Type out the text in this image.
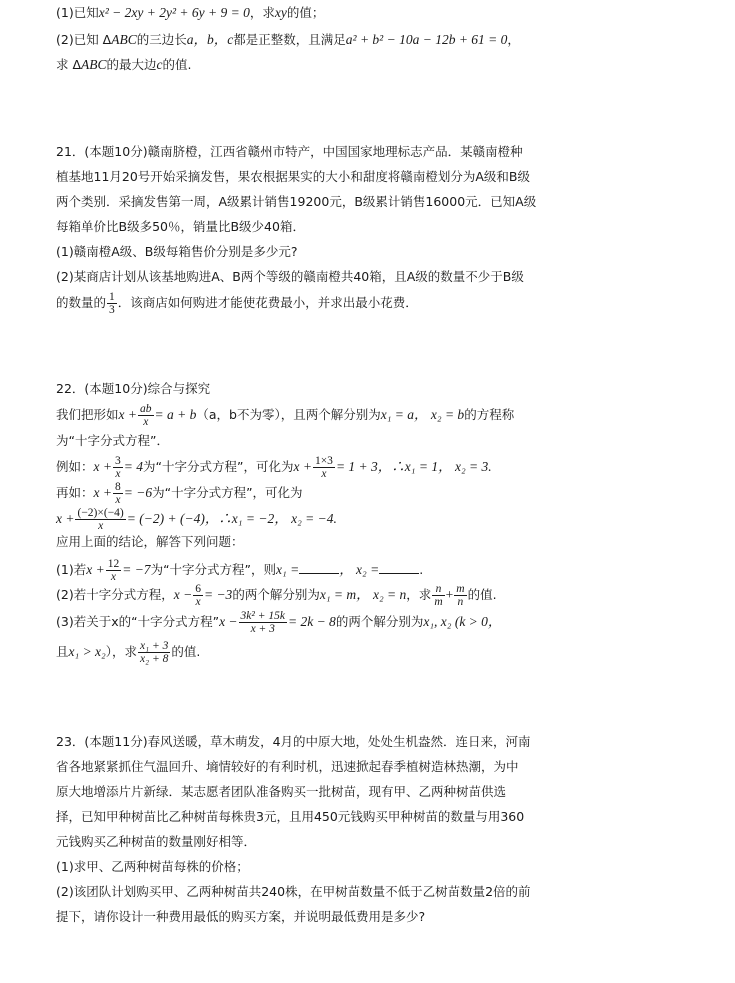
(1)已知x² − 2xy + 2y² + 6y + 9 = 0，求xy的值；
(2)已知 ΔABC的三边长a，b，c都是正整数，且满足a² + b² − 10a − 12b + 61 = 0，
求 ΔABC的最大边c的值.
21．(本题10分)赣南脐橙，江西省赣州市特产，中国国家地理标志产品．某赣南橙种
植基地11月20号开始采摘发售，果农根据果实的大小和甜度将赣南橙划分为A级和B级
两个类别．采摘发售第一周，A级累计销售19200元，B级累计销售16000元．已知A级
每箱单价比B级多50％，销量比B级少40箱．
(1)赣南橙A级、B级每箱售价分别是多少元?
(2)某商店计划从该基地购进A、B两个等级的赣南橙共40箱，且A级的数量不少于B级
的数量的 $\frac{1}{3}$ ．该商店如何购进才能使花费最小，并求出最小花费．
22．(本题10分)综合与探究
我们把形如$x + \frac{ab}{x} = a + b(a$，b不为零），且两个解分别为x₁ = a， x₂ = b的方程称
为“十字分式方程”．
例如：$x + \frac{3}{x} = 4$为“十字分式方程”，可化为$x + \frac{1\times 3}{x} = 1 + 3$，∴x₁ = 1， x₂ = 3.
再如：$x + \frac{8}{x} = -6$为“十字分式方程”，可化为
$x + \frac{(-2)\times(-4)}{x} = (-2) + (-4)$，∴x₁ = −2， x₂ = −4.
应用上面的结论，解答下列问题：
(1)若$x + \frac{12}{x} = -7$为“十字分式方程”，则x₁ =	， x₂ =	.
(2)若十字分式方程，$x - \frac{6}{x} = -3$的两个解分别为x₁ = m， x₂ = n，求 $\frac{n}{m} + \frac{m}{n}$ 的值.
(3)若关于x的“十字分式方程”x − $\frac{\text{3k² + 15k}}{x + 3} = 2k - 8$的两个解分别为x₁, x₂ (k > 0，
且x₁ > x₂），求 $\frac{\text{x₁ + 3}}{\text{x₂ + 8}}$ 的值.
23．(本题11分)春风送暖，草木萌发，4月的中原大地，处处生机盎然．连日来，河南
省各地紧紧抓住气温回升、墒情较好的有利时机，迅速掀起春季植树造林热潮，为中
原大地增添片片新绿．某志愿者团队准备购买一批树苗，现有甲、乙两种树苗供选
择，已知甲种树苗比乙种树苗每株贵3元，且用450元钱购买甲种树苗的数量与用360
元钱购买乙种树苗的数量刚好相等．
(1)求甲、乙两种树苗每株的价格；
(2)该团队计划购买甲、乙两种树苗共240株，在甲树苗数量不低于乙树苗数量2倍的前
提下，请你设计一种费用最低的购买方案，并说明最低费用是多少?
